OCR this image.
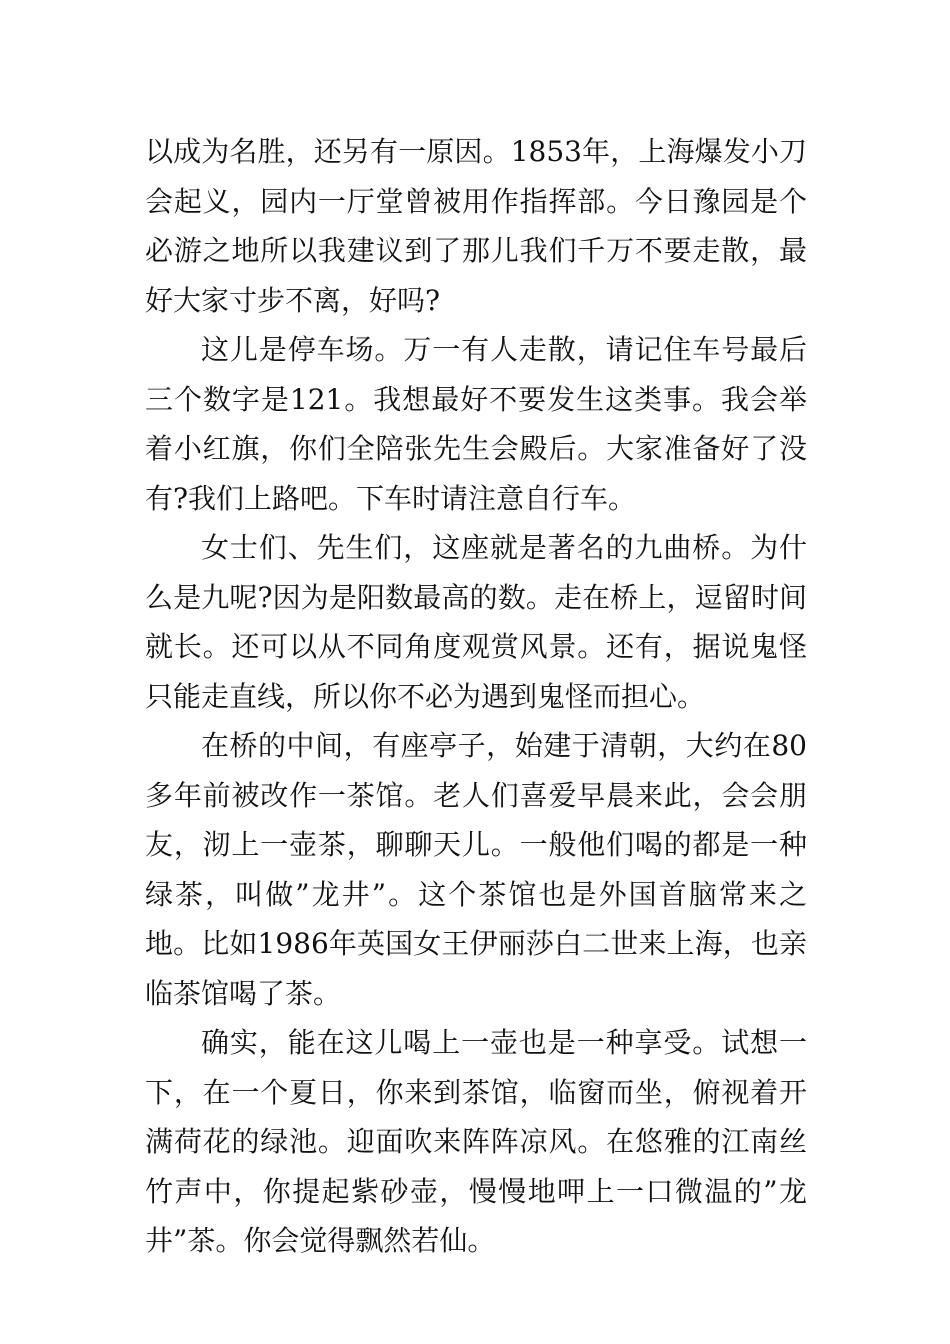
以成为名胜，还另有一原因。1853年，上海爆发小刀会起义，园内一厅堂曾被用作指挥部。今日豫园是个必游之地所以我建议到了那儿我们千万不要走散，最好大家寸步不离，好吗?

这儿是停车场。万一有人走散，请记住车号最后三个数字是121。我想最好不要发生这类事。我会举着小红旗，你们全陪张先生会殿后。大家准备好了没有?我们上路吧。下车时请注意自行车。

女士们、先生们，这座就是著名的九曲桥。为什么是九呢?因为是阳数最高的数。走在桥上，逗留时间就长。还可以从不同角度观赏风景。还有，据说鬼怪只能走直线，所以你不必为遇到鬼怪而担心。

在桥的中间，有座亭子，始建于清朝，大约在80多年前被改作一茶馆。老人们喜爱早晨来此，会会朋友，沏上一壶茶，聊聊天儿。一般他们喝的都是一种绿茶，叫做”龙井”。这个茶馆也是外国首脑常来之地。比如1986年英国女王伊丽莎白二世来上海，也亲临茶馆喝了茶。

确实，能在这儿喝上一壶也是一种享受。试想一下，在一个夏日，你来到茶馆，临窗而坐，俯视着开满荷花的绿池。迎面吹来阵阵凉风。在悠雅的江南丝竹声中，你提起紫砂壶，慢慢地呷上一口微温的”龙井”茶。你会觉得飘然若仙。
